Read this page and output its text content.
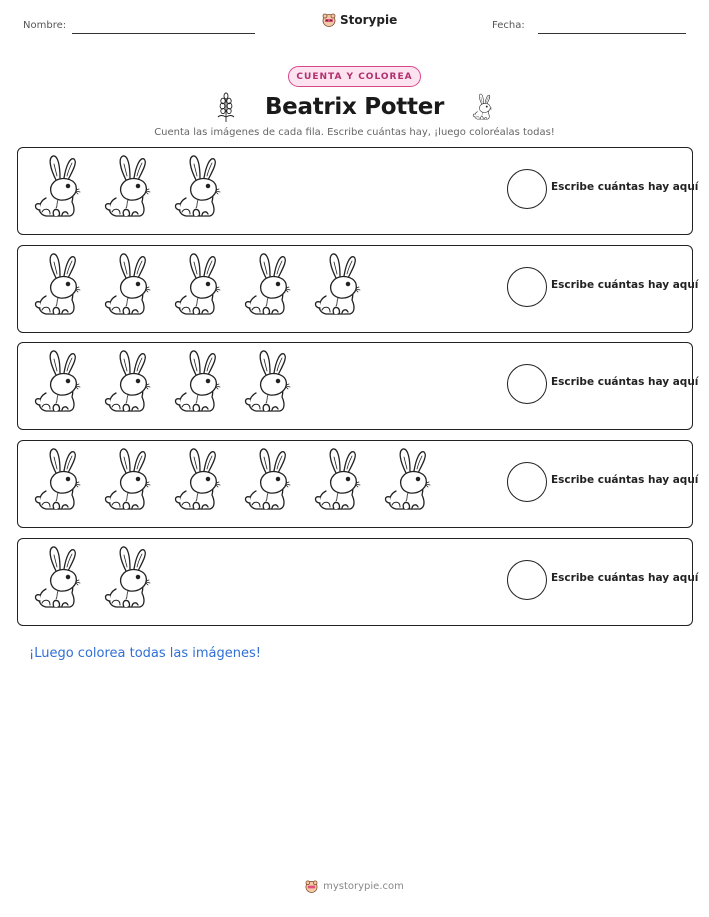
Nombre:	Storypie	Fecha:
CUENTA Y COLOREA
Beatrix Potter
Cuenta las imágenes de cada fila. Escribe cuántas hay, ¡luego coloréalas todas!
Escribe cuántas hay aquí
Escribe cuántas hay aquí
Escribe cuántas hay aquí
Escribe cuántas hay aquí
Escribe cuántas hay aquí
¡Luego colorea todas las imágenes!
mystorypie.com
